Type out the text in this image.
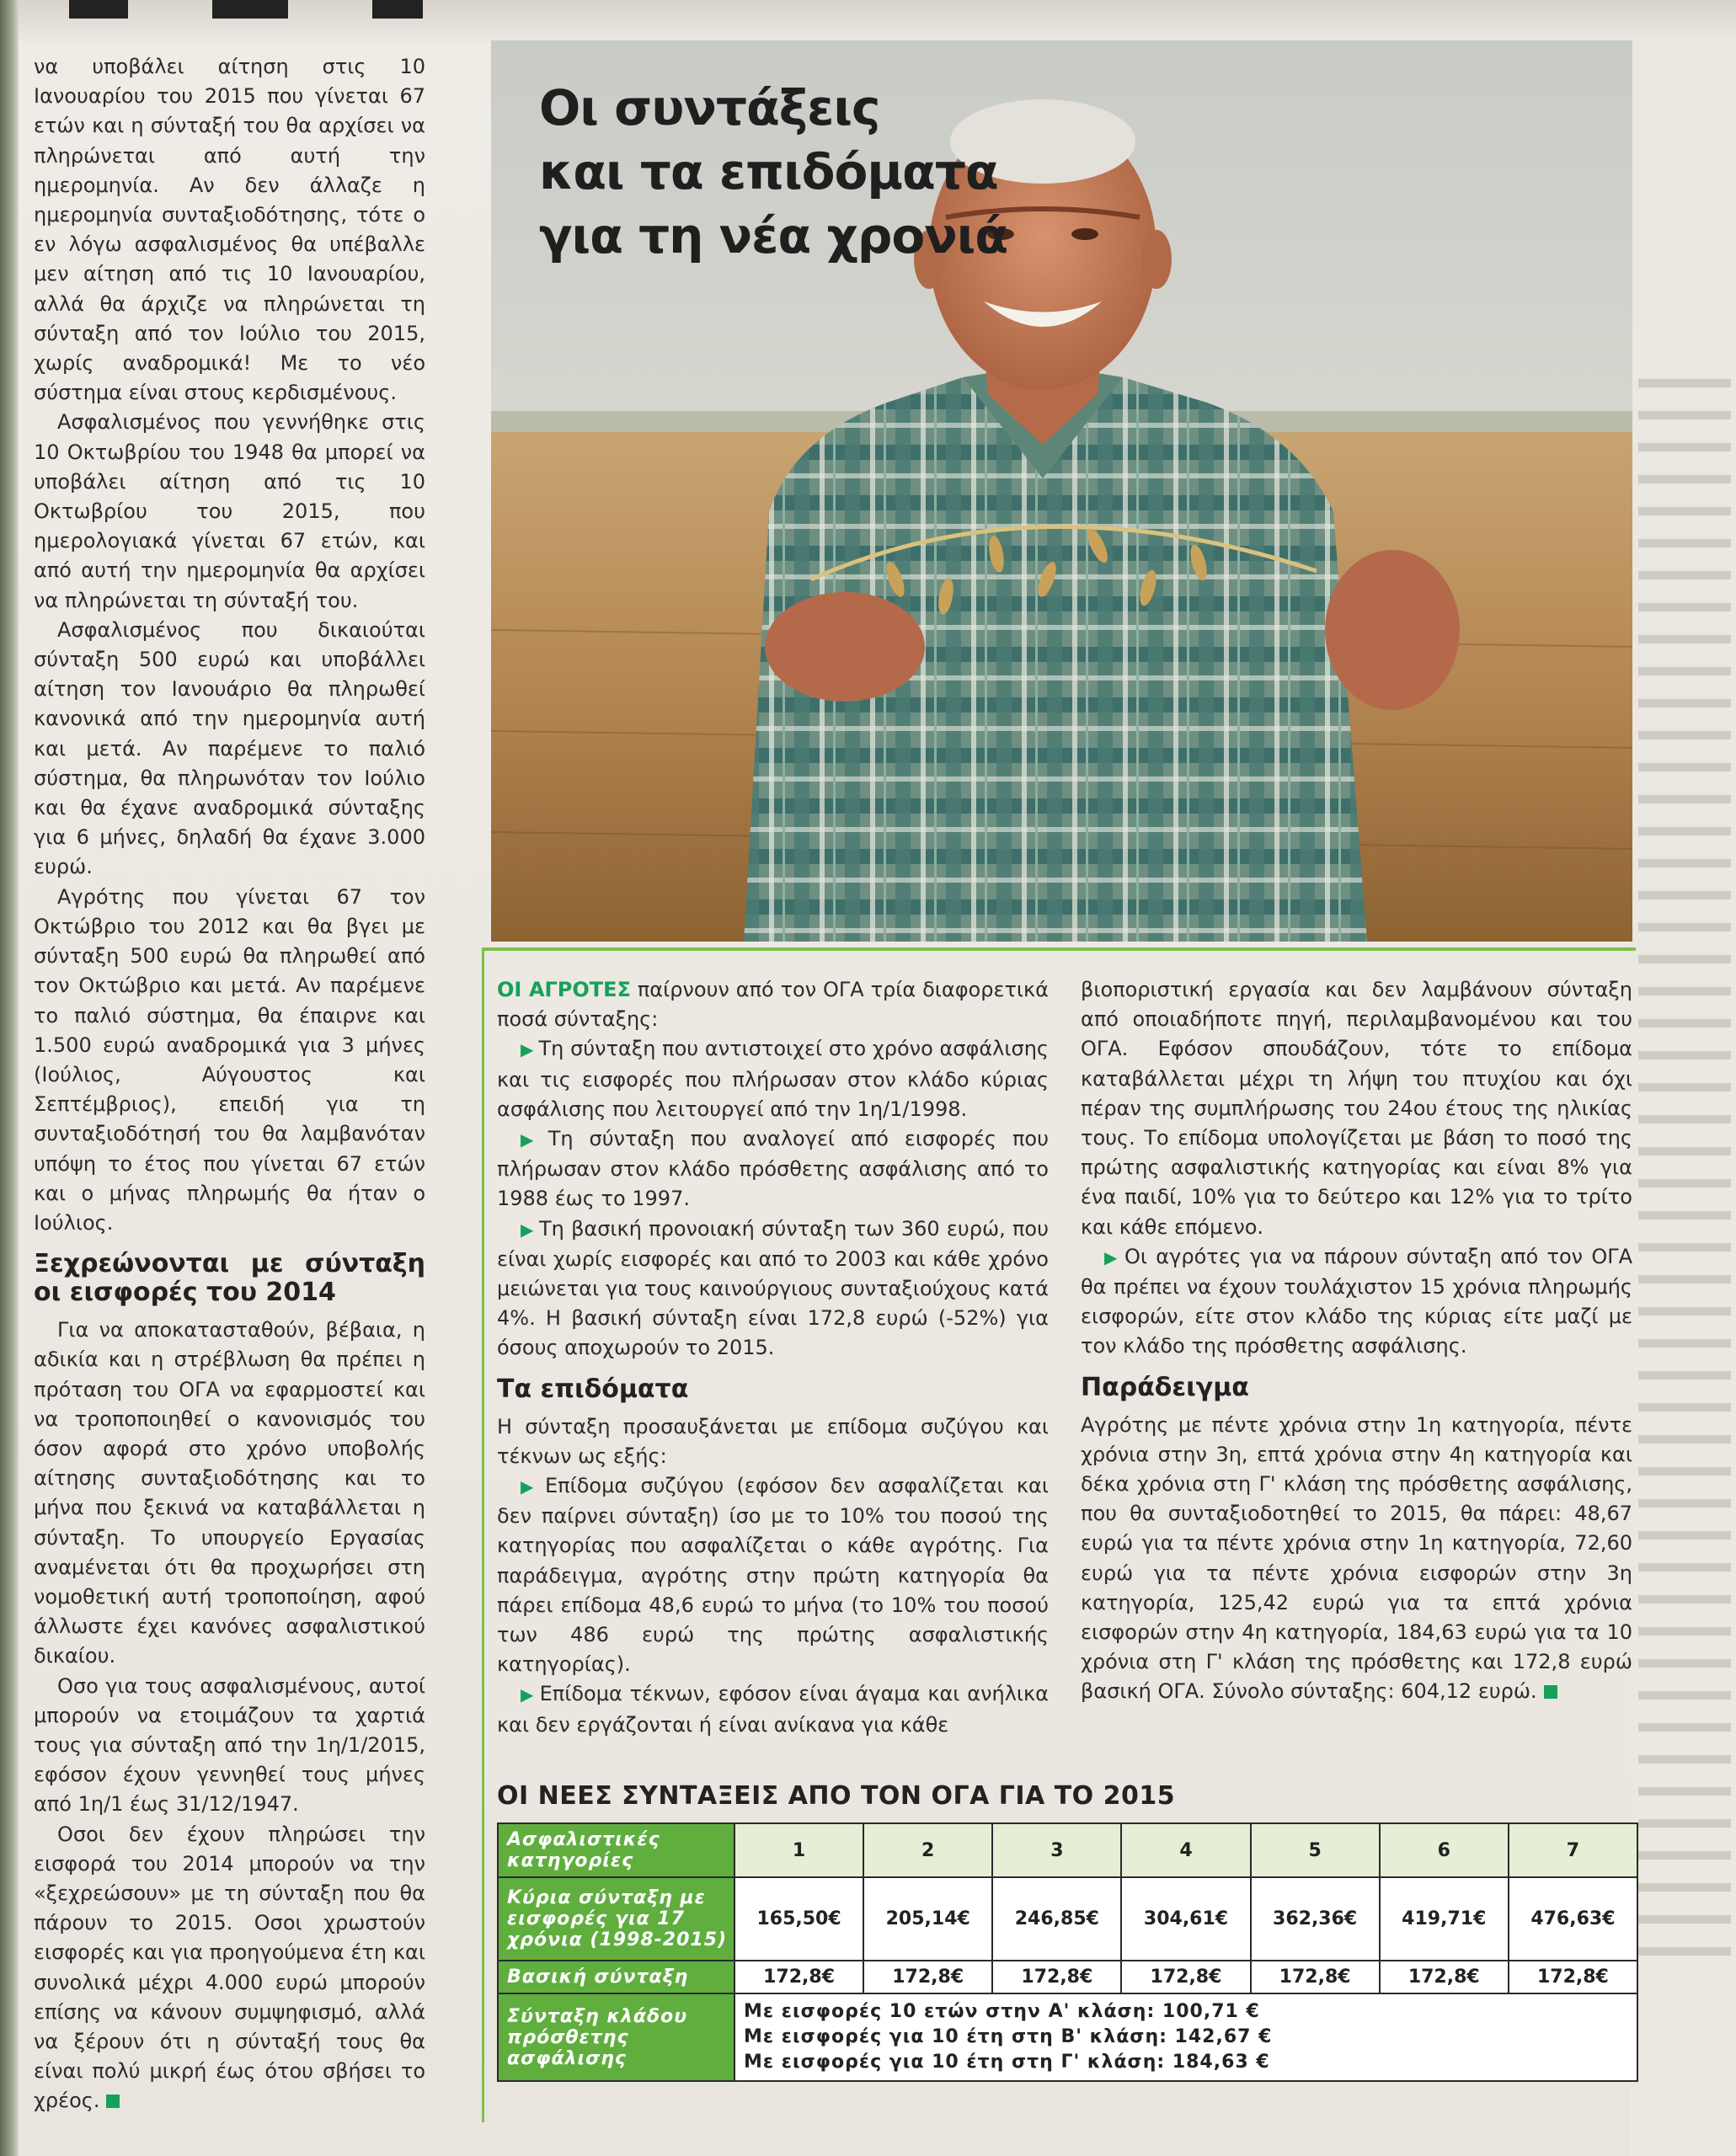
Οι συντάξεις
και τα επιδόματα
για τη νέα χρονιά

να υποβάλει αίτηση στις 10 Ιανουαρίου του 2015 που γίνεται 67 ετών και η σύνταξή του θα αρχίσει να πληρώνεται από αυτή την ημερομηνία. Αν δεν άλλαζε η ημερομηνία συνταξιοδότησης, τότε ο εν λόγω ασφαλισμένος θα υπέβαλλε μεν αίτηση από τις 10 Ιανουαρίου, αλλά θα άρχιζε να πληρώνεται τη σύνταξη από τον Ιούλιο του 2015, χωρίς αναδρομικά! Με το νέο σύστημα είναι στους κερδισμένους.

Ασφαλισμένος που γεννήθηκε στις 10 Οκτωβρίου του 1948 θα μπορεί να υποβάλει αίτηση από τις 10 Οκτωβρίου του 2015, που ημερολογιακά γίνεται 67 ετών, και από αυτή την ημερομηνία θα αρχίσει να πληρώνεται τη σύνταξή του.

Ασφαλισμένος που δικαιούται σύνταξη 500 ευρώ και υποβάλλει αίτηση τον Ιανουάριο θα πληρωθεί κανονικά από την ημερομηνία αυτή και μετά. Αν παρέμενε το παλιό σύστημα, θα πληρωνόταν τον Ιούλιο και θα έχανε αναδρομικά σύνταξης για 6 μήνες, δηλαδή θα έχανε 3.000 ευρώ.

Αγρότης που γίνεται 67 τον Οκτώβριο του 2012 και θα βγει με σύνταξη 500 ευρώ θα πληρωθεί από τον Οκτώβριο και μετά. Αν παρέμενε το παλιό σύστημα, θα έπαιρνε και 1.500 ευρώ αναδρομικά για 3 μήνες (Ιούλιος, Αύγουστος και Σεπτέμβριος), επειδή για τη συνταξιοδότησή του θα λαμβανόταν υπόψη το έτος που γίνεται 67 ετών και ο μήνας πληρωμής θα ήταν ο Ιούλιος.

Ξεχρεώνονται με σύνταξη οι εισφορές του 2014

Για να αποκατασταθούν, βέβαια, η αδικία και η στρέβλωση θα πρέπει η πρόταση του ΟΓΑ να εφαρμοστεί και να τροποποιηθεί ο κανονισμός του όσον αφορά στο χρόνο υποβολής αίτησης συνταξιοδότησης και το μήνα που ξεκινά να καταβάλλεται η σύνταξη. Το υπουργείο Εργασίας αναμένεται ότι θα προχωρήσει στη νομοθετική αυτή τροποποίηση, αφού άλλωστε έχει κανόνες ασφαλιστικού δικαίου.

Οσο για τους ασφαλισμένους, αυτοί μπορούν να ετοιμάζουν τα χαρτιά τους για σύνταξη από την 1η/1/2015, εφόσον έχουν γεννηθεί τους μήνες από 1η/1 έως 31/12/1947.

Οσοι δεν έχουν πληρώσει την εισφορά του 2014 μπορούν να την «ξεχρεώσουν» με τη σύνταξη που θα πάρουν το 2015. Οσοι χρωστούν εισφορές και για προηγούμενα έτη και συνολικά μέχρι 4.000 ευρώ μπορούν επίσης να κάνουν συμψηφισμό, αλλά να ξέρουν ότι η σύνταξή τους θα είναι πολύ μικρή έως ότου σβήσει το χρέος.

ΟΙ ΑΓΡΟΤΕΣ παίρνουν από τον ΟΓΑ τρία διαφορετικά ποσά σύνταξης:

▶ Τη σύνταξη που αντιστοιχεί στο χρόνο ασφάλισης και τις εισφορές που πλήρωσαν στον κλάδο κύριας ασφάλισης που λειτουργεί από την 1η/1/1998.

▶ Τη σύνταξη που αναλογεί από εισφορές που πλήρωσαν στον κλάδο πρόσθετης ασφάλισης από το 1988 έως το 1997.

▶ Τη βασική προνοιακή σύνταξη των 360 ευρώ, που είναι χωρίς εισφορές και από το 2003 και κάθε χρόνο μειώνεται για τους καινούργιους συνταξιούχους κατά 4%. Η βασική σύνταξη είναι 172,8 ευρώ (-52%) για όσους αποχωρούν το 2015.

Τα επιδόματα

Η σύνταξη προσαυξάνεται με επίδομα συζύγου και τέκνων ως εξής:

▶ Επίδομα συζύγου (εφόσον δεν ασφαλίζεται και δεν παίρνει σύνταξη) ίσο με το 10% του ποσού της κατηγορίας που ασφαλίζεται ο κάθε αγρότης. Για παράδειγμα, αγρότης στην πρώτη κατηγορία θα πάρει επίδομα 48,6 ευρώ το μήνα (το 10% του ποσού των 486 ευρώ της πρώτης ασφαλιστικής κατηγορίας).

▶ Επίδομα τέκνων, εφόσον είναι άγαμα και ανήλικα και δεν εργάζονται ή είναι ανίκανα για κάθε

βιοποριστική εργασία και δεν λαμβάνουν σύνταξη από οποιαδήποτε πηγή, περιλαμβανομένου και του ΟΓΑ. Εφόσον σπουδάζουν, τότε το επίδομα καταβάλλεται μέχρι τη λήψη του πτυχίου και όχι πέραν της συμπλήρωσης του 24ου έτους της ηλικίας τους. Το επίδομα υπολογίζεται με βάση το ποσό της πρώτης ασφαλιστικής κατηγορίας και είναι 8% για ένα παιδί, 10% για το δεύτερο και 12% για το τρίτο και κάθε επόμενο.

▶ Οι αγρότες για να πάρουν σύνταξη από τον ΟΓΑ θα πρέπει να έχουν τουλάχιστον 15 χρόνια πληρωμής εισφορών, είτε στον κλάδο της κύριας είτε μαζί με τον κλάδο της πρόσθετης ασφάλισης.

Παράδειγμα

Αγρότης με πέντε χρόνια στην 1η κατηγορία, πέντε χρόνια στην 3η, επτά χρόνια στην 4η κατηγορία και δέκα χρόνια στη Γ' κλάση της πρόσθετης ασφάλισης, που θα συνταξιοδοτηθεί το 2015, θα πάρει: 48,67 ευρώ για τα πέντε χρόνια στην 1η κατηγορία, 72,60 ευρώ για τα πέντε χρόνια εισφορών στην 3η κατηγορία, 125,42 ευρώ για τα επτά χρόνια εισφορών στην 4η κατηγορία, 184,63 ευρώ για τα 10 χρόνια στη Γ' κλάση της πρόσθετης και 172,8 ευρώ βασική ΟΓΑ. Σύνολο σύνταξης: 604,12 ευρώ.

ΟΙ ΝΕΕΣ ΣΥΝΤΑΞΕΙΣ ΑΠΟ ΤΟΝ ΟΓΑ ΓΙΑ ΤΟ 2015
Ασφαλιστικές κατηγορίες	1	2	3	4	5	6	7
Κύρια σύνταξη με εισφορές για 17 χρόνια (1998-2015)	165,50€	205,14€	246,85€	304,61€	362,36€	419,71€	476,63€
Βασική σύνταξη	172,8€	172,8€	172,8€	172,8€	172,8€	172,8€	172,8€
Σύνταξη κλάδου πρόσθετης ασφάλισης	Με εισφορές 10 ετών στην Α' κλάση: 100,71 €
Με εισφορές για 10 έτη στη Β' κλάση: 142,67 €
Με εισφορές για 10 έτη στη Γ' κλάση: 184,63 €						
